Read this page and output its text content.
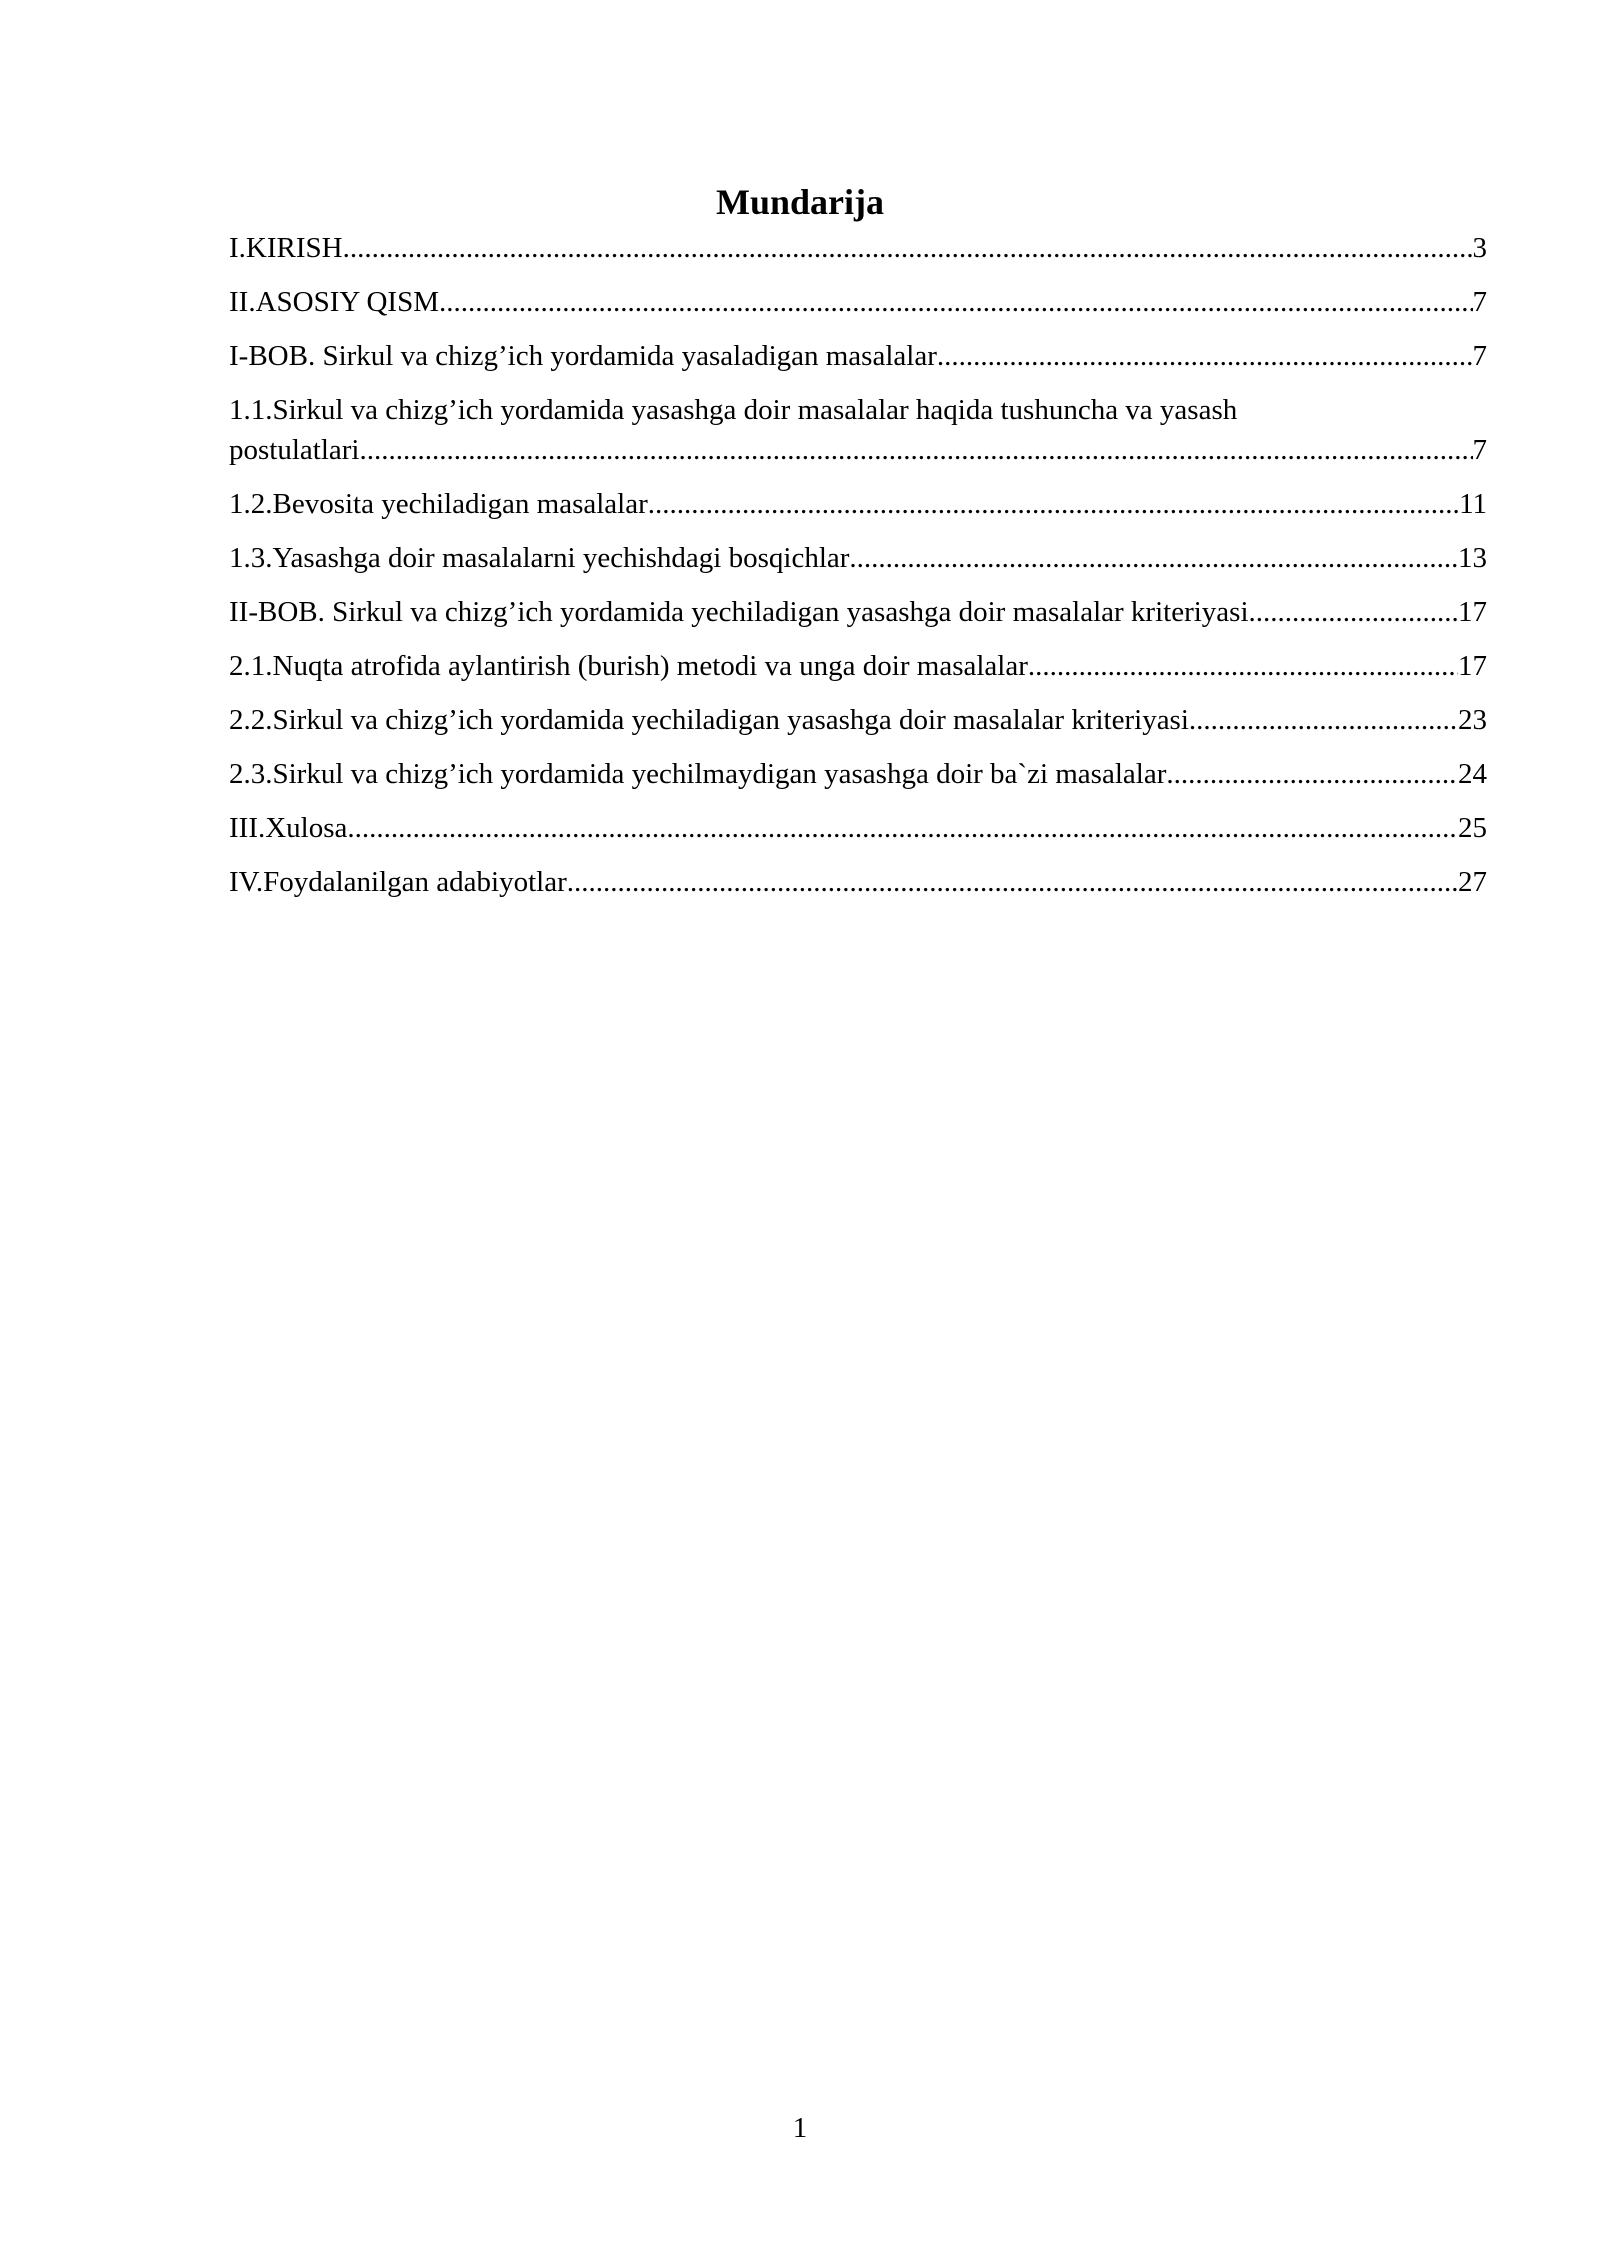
Mundarija
I.KIRISH .....	3
II.ASOSIY QISM .....	7
I-BOB. Sirkul va chizg’ich yordamida yasaladigan masalalar .....	7
1.1.Sirkul va chizg’ich yordamida yasashga doir masalalar haqida tushuncha va yasash
postulatlari .....	7
1.2.Bevosita yechiladigan masalalar .....	11
1.3.Yasashga doir masalalarni yechishdagi bosqichlar .....	13
II-BOB. Sirkul va chizg’ich yordamida yechiladigan yasashga doir masalalar kriteriyasi .....	17
2.1.Nuqta atrofida aylantirish (burish) metodi va unga doir masalalar .....	17
2.2.Sirkul va chizg’ich yordamida yechiladigan yasashga doir masalalar kriteriyasi .....	23
2.3.Sirkul va chizg’ich yordamida yechilmaydigan yasashga doir ba`zi masalalar .....	24
III.Xulosa .....	25
IV.Foydalanilgan adabiyotlar .....	27
1
